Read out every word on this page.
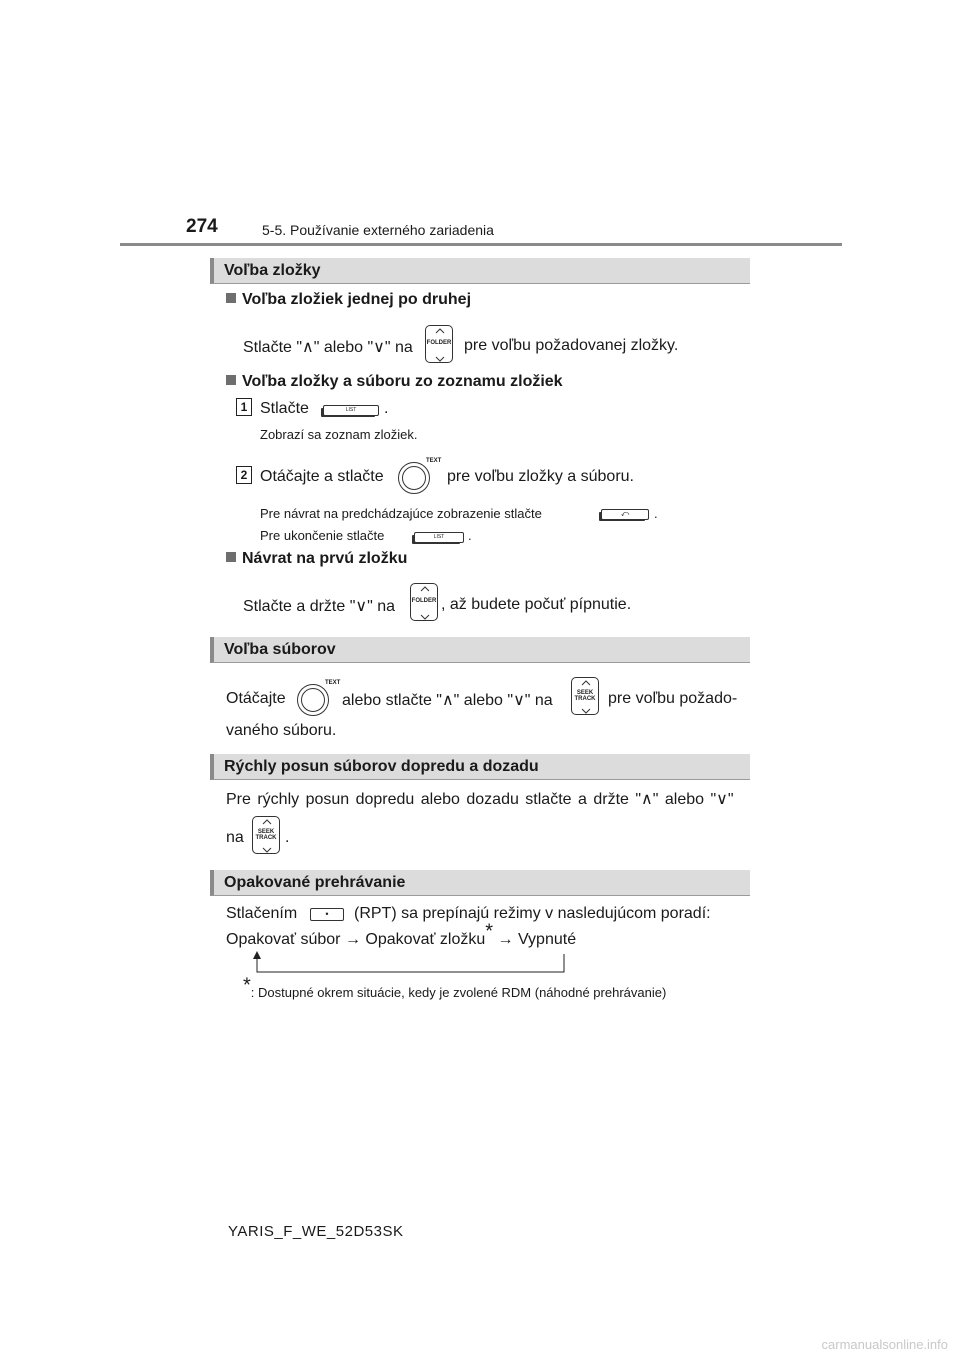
274	5-5. Používanie externého zariadenia
Voľba zložky
Voľba zložiek jednej po druhej
Stlačte "∧" alebo "∨" na FOLDER pre voľbu požadovanej zložky.
Voľba zložky a súboru zo zoznamu zložiek
1 Stlačte	LIST	.
Zobrazí sa zoznam zložiek.
2 Otáčajte a stlačte
TEXT
pre voľbu zložky a súboru.
Pre návrat na predchádzajúce zobrazenie stlačte	⤺	.
Pre ukončenie stlačte	LIST	.
Návrat na prvú zložku
Stlačte a držte "∨" na	FOLDER , až budete počuť pípnutie.
Voľba súborov
Otáčajte
TEXT
alebo stlačte "∧" alebo "∨" na	SEEK
TRACK pre voľbu požado-
vaného súboru.
Rýchly posun súborov dopredu a dozadu
Pre rýchly posun dopredu alebo dozadu stlačte a držte "∧" alebo "∨"
na	SEEK
TRACK .
Opakované prehrávanie
Stlačením	•	(RPT) sa prepínajú režimy v nasledujúcom poradí:
Opakovať súbor → Opakovať zložku* → Vypnuté
*: Dostupné okrem situácie, kedy je zvolené RDM (náhodné prehrávanie)
YARIS_F_WE_52D53SK
carmanualsonline.info
